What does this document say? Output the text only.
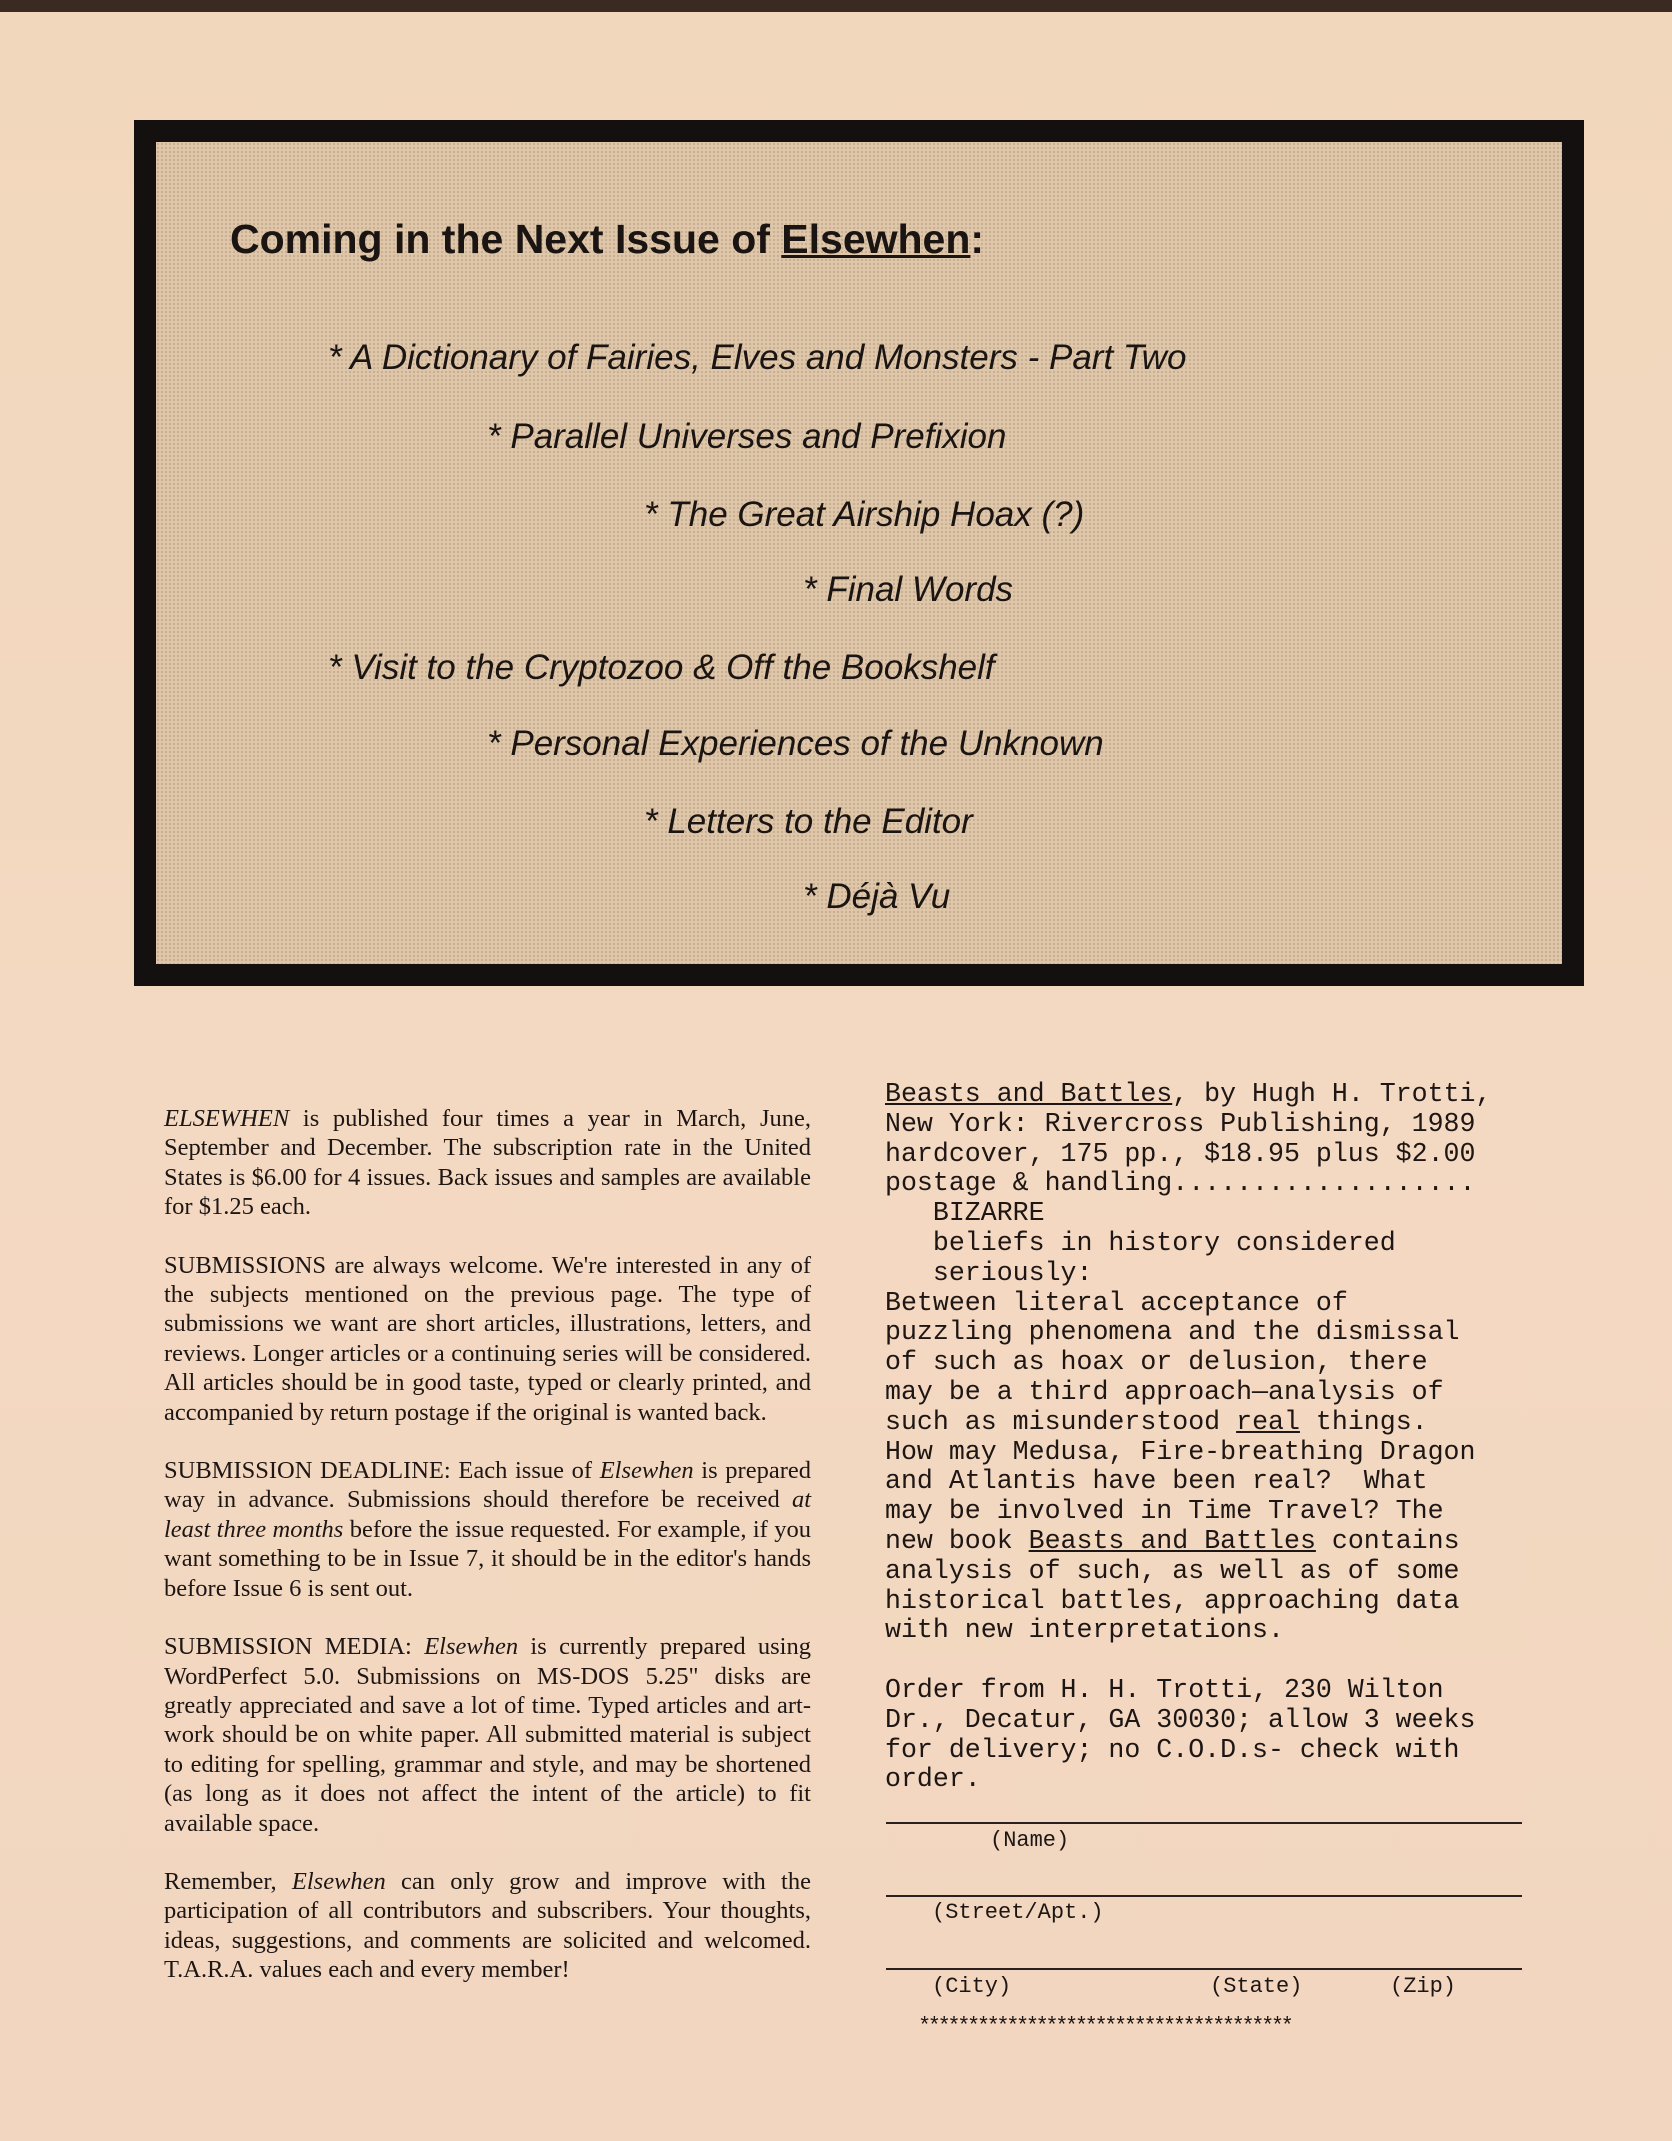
Coming in the Next Issue of Elsewhen:
* A Dictionary of Fairies, Elves and Monsters - Part Two
* Parallel Universes and Prefixion
* The Great Airship Hoax (?)
* Final Words
* Visit to the Cryptozoo & Off the Bookshelf
* Personal Experiences of the Unknown
* Letters to the Editor
* Déjà Vu

ELSEWHEN is published four times a year in March, June, September and December. The subscription rate in the United States is $6.00 for 4 issues. Back issues and samples are available for $1.25 each.

SUBMISSIONS are always welcome. We're interested in any of the subjects mentioned on the previous page. The type of submissions we want are short articles, illustrations, letters, and reviews. Longer articles or a continuing series will be considered. All articles should be in good taste, typed or clearly printed, and accompanied by return postage if the original is wanted back.

SUBMISSION DEADLINE: Each issue of Elsewhen is prepared way in advance. Submissions should therefore be received at least three months before the issue requested. For example, if you want something to be in Issue 7, it should be in the editor's hands before Issue 6 is sent out.

SUBMISSION MEDIA: Elsewhen is currently prepared using WordPerfect 5.0. Submissions on MS-DOS 5.25" disks are greatly appreciated and save a lot of time. Typed articles and art-work should be on white paper. All submitted material is subject to editing for spelling, grammar and style, and may be shortened (as long as it does not affect the intent of the article) to fit available space.

Remember, Elsewhen can only grow and improve with the participation of all contributors and subscribers. Your thoughts, ideas, suggestions, and comments are solicited and welcomed. T.A.R.A. values each and every member!

Beasts and Battles, by Hugh H. Trotti,
New York: Rivercross Publishing, 1989
hardcover, 175 pp., $18.95 plus $2.00
postage & handling...................
BIZARRE
beliefs in history considered
seriously:
Between literal acceptance of
puzzling phenomena and the dismissal
of such as hoax or delusion, there
may be a third approach—analysis of
such as misunderstood real things.
How may Medusa, Fire-breathing Dragon
and Atlantis have been real?  What
may be involved in Time Travel? The
new book Beasts and Battles contains
analysis of such, as well as of some
historical battles, approaching data
with new interpretations.
Order from H. H. Trotti, 230 Wilton
Dr., Decatur, GA 30030; allow 3 weeks
for delivery; no C.O.D.s- check with
order.
(Name)
(Street/Apt.)
(City)	(State)	(Zip)
**************************************
